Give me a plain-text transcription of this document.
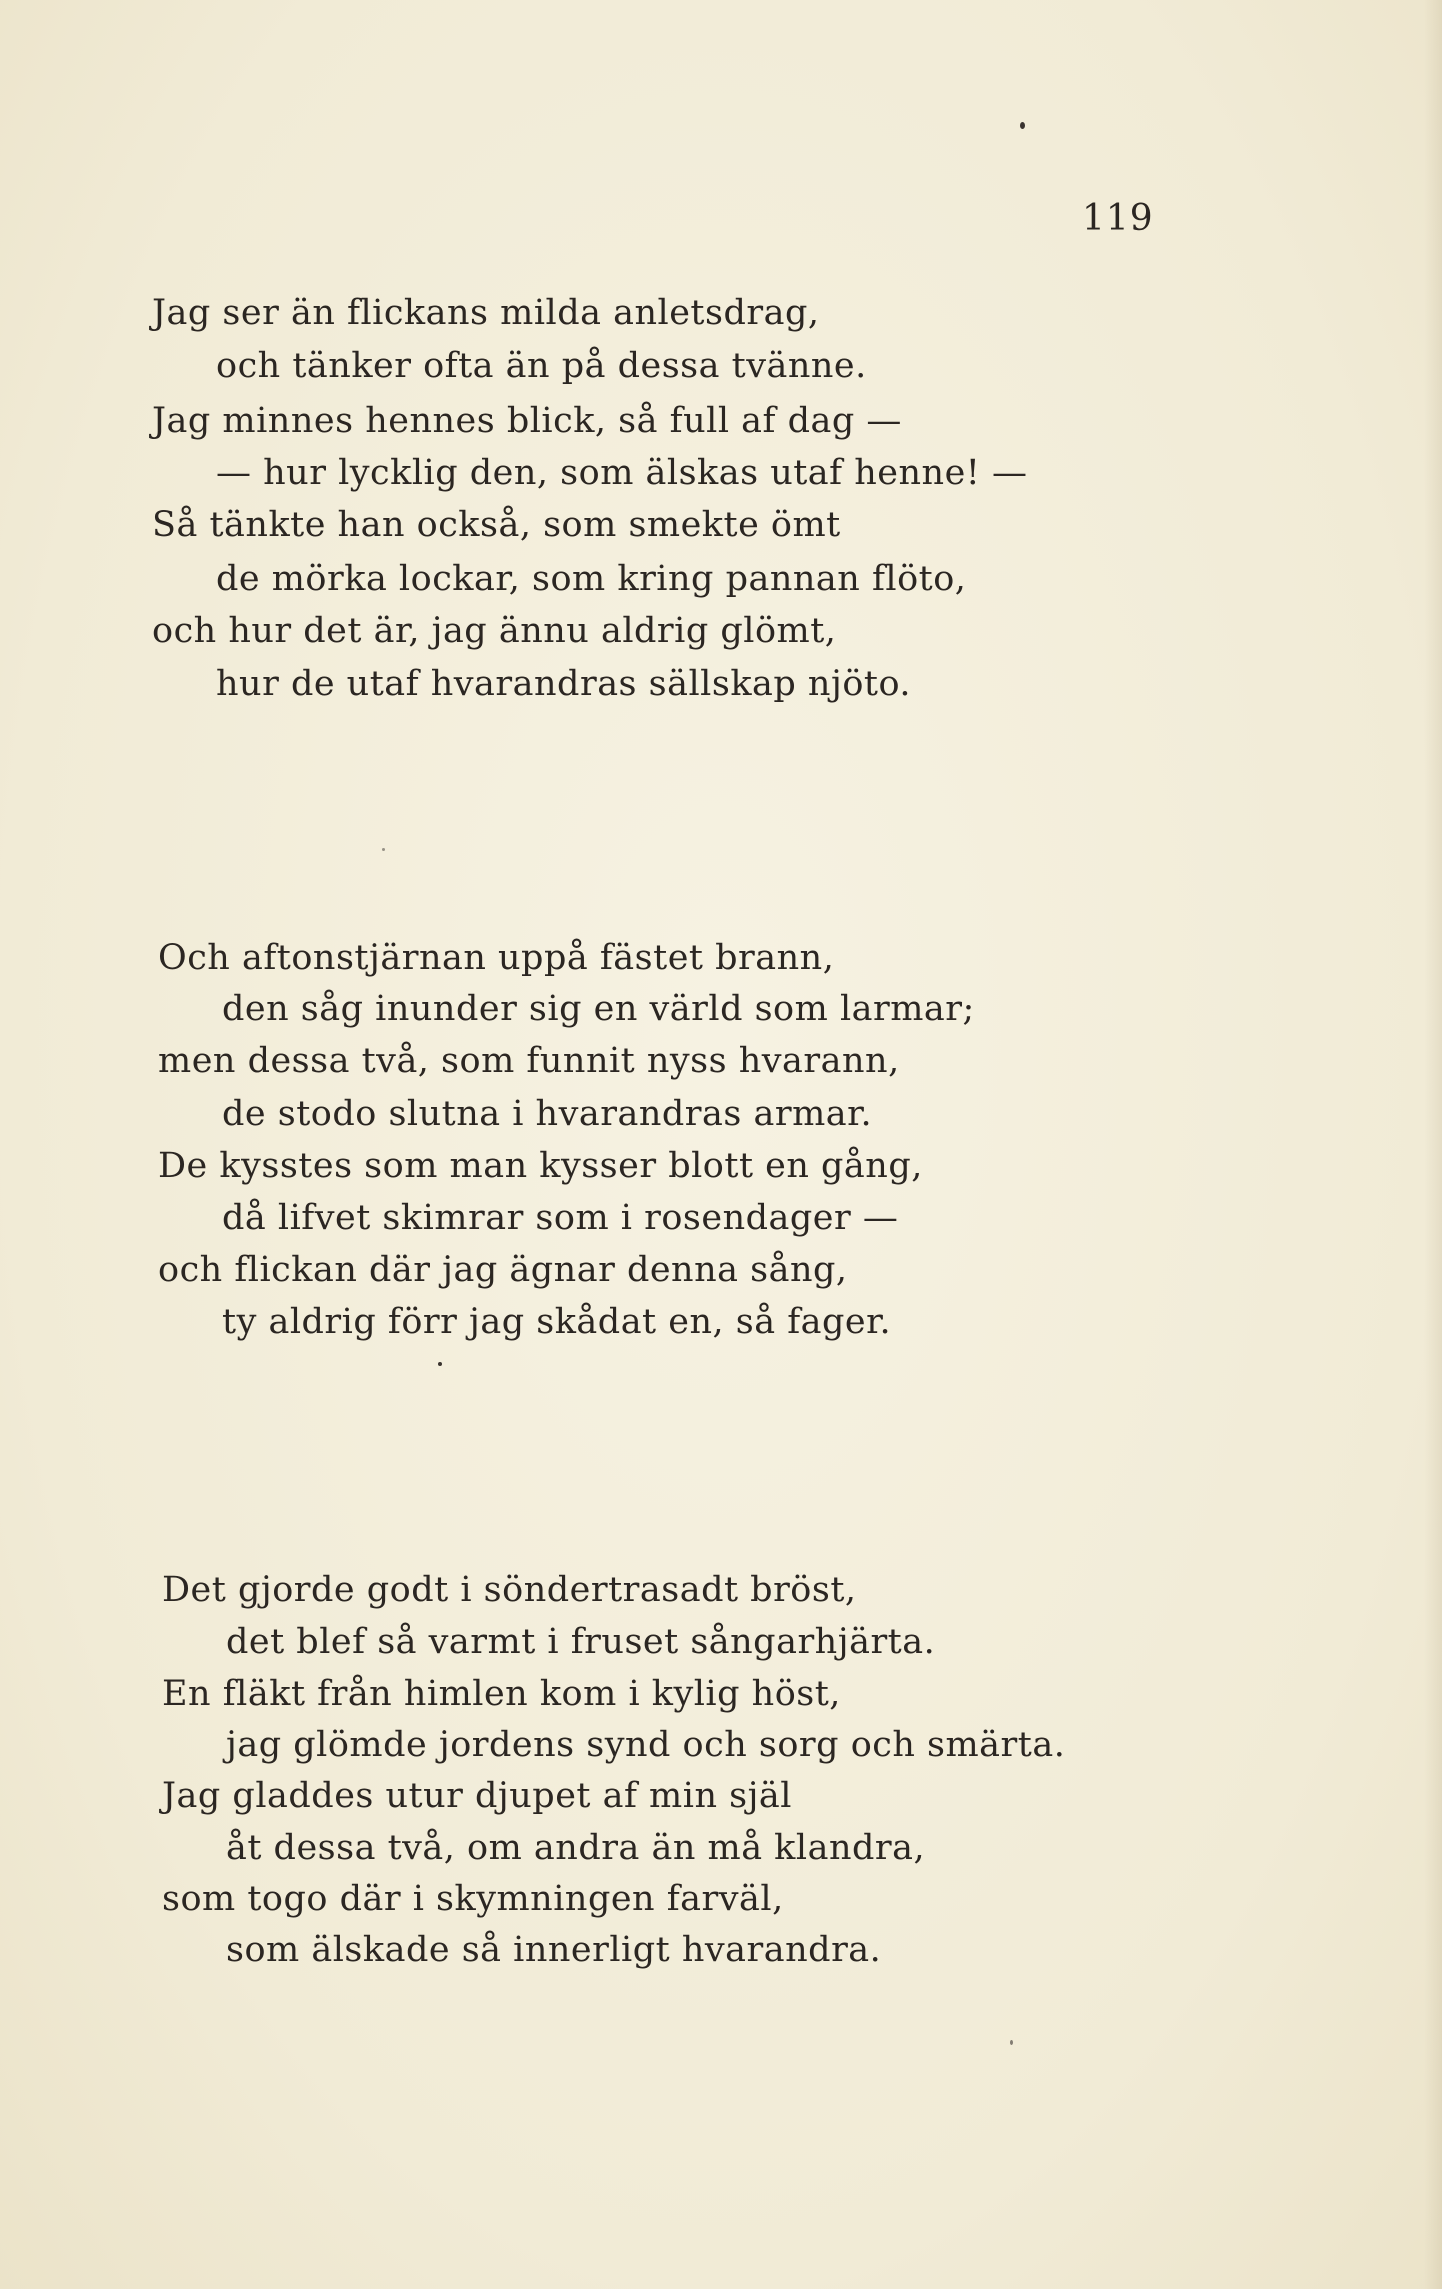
119
Jag ser än flickans milda anletsdrag,
och tänker ofta än på dessa tvänne.
Jag minnes hennes blick, så full af dag —
— hur lycklig den, som älskas utaf henne! —
Så tänkte han också, som smekte ömt
de mörka lockar, som kring pannan flöto,
och hur det är, jag ännu aldrig glömt,
hur de utaf hvarandras sällskap njöto.
Och aftonstjärnan uppå fästet brann,
den såg inunder sig en värld som larmar;
men dessa två, som funnit nyss hvarann,
de stodo slutna i hvarandras armar.
De kysstes som man kysser blott en gång,
då lifvet skimrar som i rosendager —
och flickan där jag ägnar denna sång,
ty aldrig förr jag skådat en, så fager.
Det gjorde godt i söndertrasadt bröst,
det blef så varmt i fruset sångarhjärta.
En fläkt från himlen kom i kylig höst,
jag glömde jordens synd och sorg och smärta.
Jag gladdes utur djupet af min själ
åt dessa två, om andra än må klandra,
som togo där i skymningen farväl,
som älskade så innerligt hvarandra.
